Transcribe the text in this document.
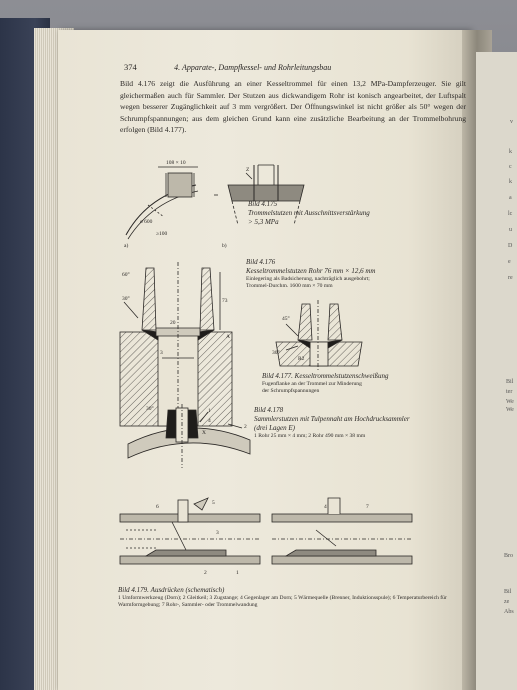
v
k
c
k
a
lc
u
D
e
re
Bil
ter
We
We
Bil
ze
Abs
Bro
374	4. Apparate-, Dampfkessel- und Rohrleitungsbau
Bild 4.176 zeigt die Ausführung an einer Kesseltrommel für einen 13,2 MPa-Dampferzeuger. Sie gilt gleichermaßen auch für Sammler. Der Stutzen aus dickwandigem Rohr ist konisch angearbeitet, der Luftspalt wegen besserer Zugänglichkeit auf 3 mm vergrößert. Der Öffnungswinkel ist nicht größer als 50° wegen der Schrumpfspannungen; aus dem gleichen Grund kann eine zusätzliche Bearbeitung an der Trommelbohrung erfolgen (Bild 4.177).
108 × 10
a)	b)
ø 600
≥100
Z
Bild 4.175
Trommelstutzen mit Ausschnittsverstärkung
> 5,3 MPa
20
73
30°
60°
3
A
Bild 4.176
Kesseltrommelstutzen Rohr 76 mm × 12,6 mm
Einlegering als Badsicherung, nachträglich ausgebohrt;
Trommel-Durchm. 1600 mm × 70 mm
45°
30°
R2
Bild 4.177. Kesseltrommelstutzenschweißung
Fugenflanke an der Trommel zur Minderung
der Schrumpfspannungen
30°	1
2
X
4
Bild 4.178
Sammlerstutzen mit Tulpennaht am Hochdrucksammler
(drei Lagen E)
1 Rohr 25 mm × 4 mm; 2 Rohr 490 mm × 38 mm
6
5
2	1
4	7
3
Bild 4.179. Ausdrücken (schematisch)
1 Umformwerkzeug (Dorn); 2 Gleitkeil; 3 Zugstange; 4 Gegenlager am Dorn; 5 Wärmequelle (Brenner, Induktionsspule); 6 Temperaturbereich für Warmformgebung; 7 Rohr-, Sammler- oder Trommelwandung
